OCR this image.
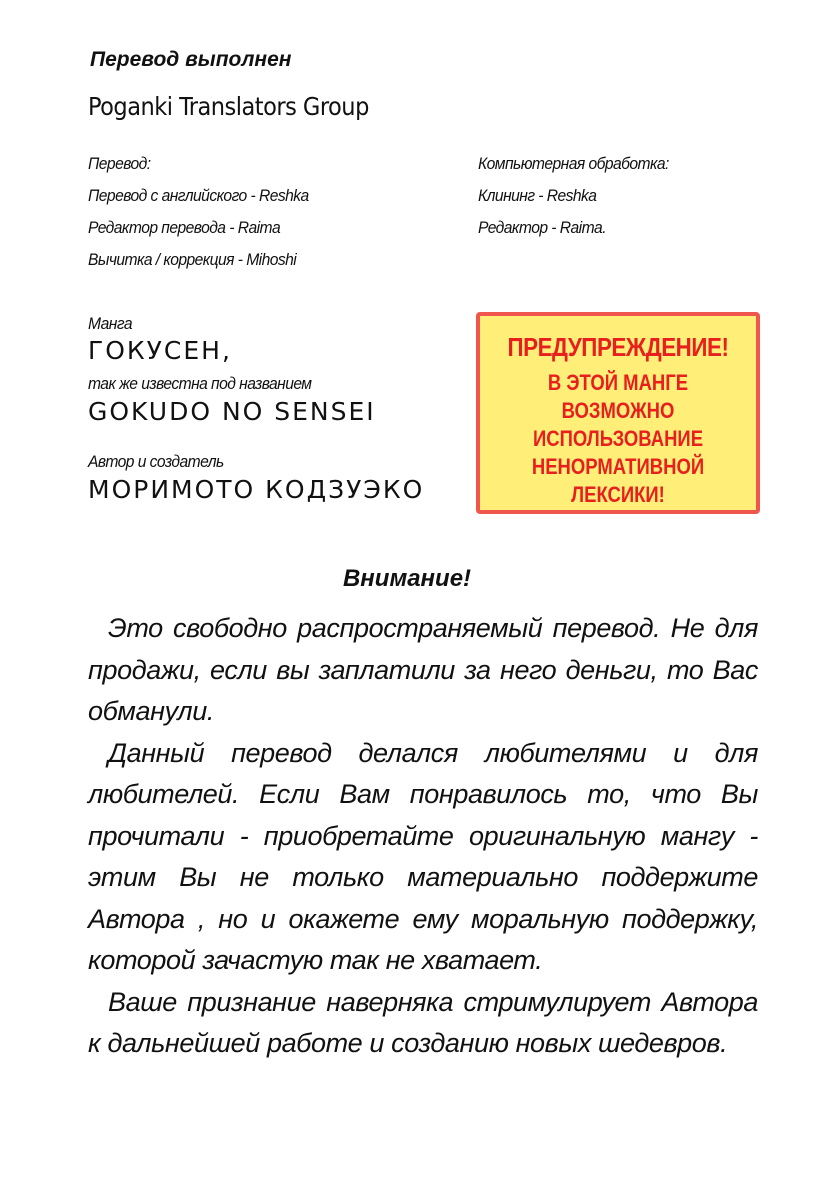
Перевод выполнен
Poganki Translators Group
Перевод:
Перевод с английского - Reshka
Редактор перевода - Raima
Вычитка / коррекция - Mihoshi
Компьютерная обработка:
Клининг - Reshka
Редактор - Raima.
Манга
ГОКУСЕН,
так же известна под названием
GOKUDO NO SENSEI
Автор и создатель
МОРИМОТО КОДЗУЭКО
ПРЕДУПРЕЖДЕНИЕ!
В ЭТОЙ МАНГЕ
ВОЗМОЖНО
ИСПОЛЬЗОВАНИЕ
НЕНОРМАТИВНОЙ
ЛЕКСИКИ!
Внимание!

Это свободно распространяемый перевод. Не для продажи, если вы заплатили за него деньги, то Вас обманули.

Данный перевод делался любителями и для любителей. Если Вам понравилось то, что Вы прочитали - приобретайте оригинальную мангу - этим Вы не только материально поддержите Автора , но и окажете ему моральную поддержку, которой зачастую так не хватает.

Ваше признание наверняка стримулирует Автора к дальнейшей работе и созданию новых шедевров.
